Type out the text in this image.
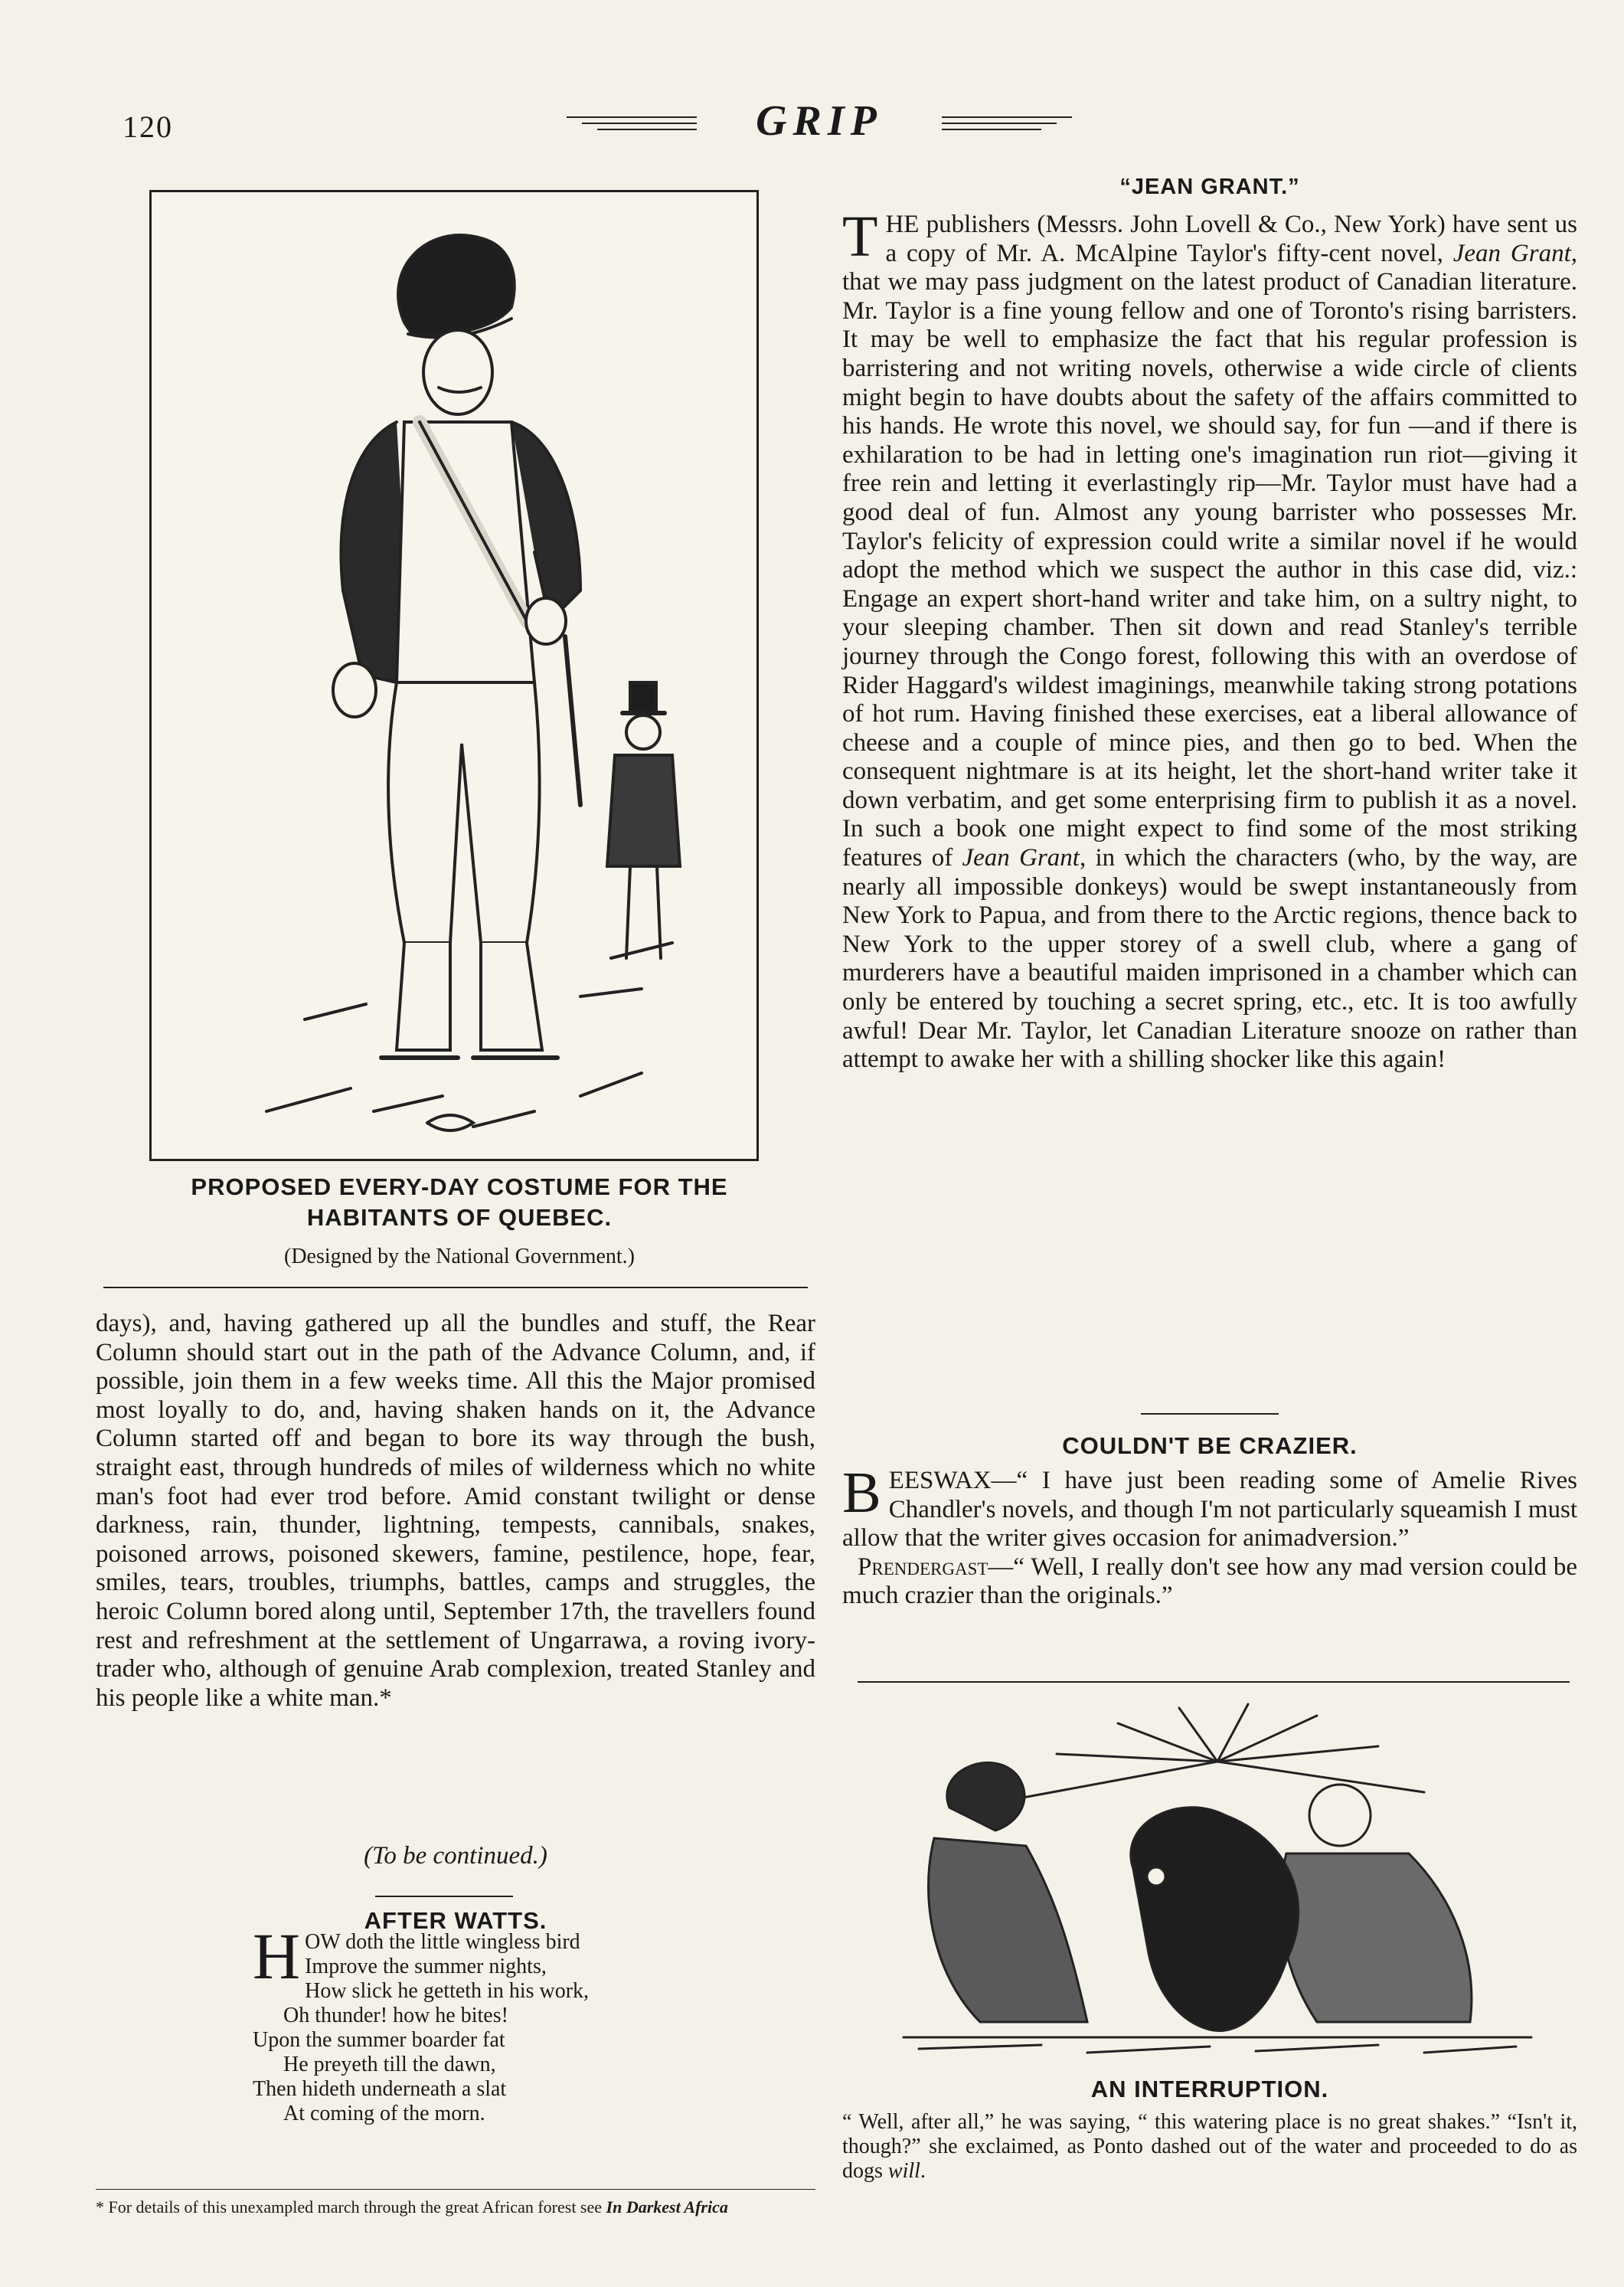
120	GRIP
PROPOSED EVERY-DAY COSTUME FOR THE
HABITANTS OF QUEBEC.
(Designed by the National Government.)

days), and, having gathered up all the bundles and stuff, the Rear Column should start out in the path of the Advance Column, and, if possible, join them in a few weeks time. All this the Major promised most loyally to do, and, having shaken hands on it, the Advance Column started off and began to bore its way through the bush, straight east, through hundreds of miles of wilderness which no white man's foot had ever trod before. Amid constant twilight or dense darkness, rain, thunder, lightning, tempests, cannibals, snakes, poisoned arrows, poisoned skewers, famine, pestilence, hope, fear, smiles, tears, troubles, triumphs, battles, camps and struggles, the heroic Column bored along until, September 17th, the travellers found rest and refreshment at the settlement of Ungarrawa, a roving ivory-trader who, although of genuine Arab complexion, treated Stanley and his people like a white man.*

(To be continued.)
AFTER WATTS.
H OW doth the little wingless bird
Improve the summer nights,
How slick he getteth in his work,
Oh thunder! how he bites!
Upon the summer boarder fat
He preyeth till the dawn,
Then hideth underneath a slat
At coming of the morn.
* For details of this unexampled march through the great African forest see In Darkest Africa
“JEAN GRANT.”

THE publishers (Messrs. John Lovell & Co., New York) have sent us a copy of Mr. A. McAlpine Taylor's fifty-cent novel, Jean Grant, that we may pass judgment on the latest product of Canadian literature. Mr. Taylor is a fine young fellow and one of Toronto's rising barristers. It may be well to emphasize the fact that his regular profession is barristering and not writing novels, otherwise a wide circle of clients might begin to have doubts about the safety of the affairs committed to his hands. He wrote this novel, we should say, for fun —and if there is exhilaration to be had in letting one's imagination run riot—giving it free rein and letting it everlastingly rip—Mr. Taylor must have had a good deal of fun. Almost any young barrister who possesses Mr. Taylor's felicity of expression could write a similar novel if he would adopt the method which we suspect the author in this case did, viz.: Engage an expert short-hand writer and take him, on a sultry night, to your sleeping chamber. Then sit down and read Stanley's terrible journey through the Congo forest, following this with an overdose of Rider Haggard's wildest imaginings, meanwhile taking strong potations of hot rum. Having finished these exercises, eat a liberal allowance of cheese and a couple of mince pies, and then go to bed. When the consequent nightmare is at its height, let the short-hand writer take it down verbatim, and get some enterprising firm to publish it as a novel. In such a book one might expect to find some of the most striking features of Jean Grant, in which the characters (who, by the way, are nearly all impossible donkeys) would be swept instantaneously from New York to Papua, and from there to the Arctic regions, thence back to New York to the upper storey of a swell club, where a gang of murderers have a beautiful maiden imprisoned in a chamber which can only be entered by touching a secret spring, etc., etc. It is too awfully awful! Dear Mr. Taylor, let Canadian Literature snooze on rather than attempt to awake her with a shilling shocker like this again!

COULDN'T BE CRAZIER.

BEESWAX—“ I have just been reading some of Amelie Rives Chandler's novels, and though I'm not particularly squeamish I must allow that the writer gives occasion for animadversion.”

Prendergast—“ Well, I really don't see how any mad version could be much crazier than the originals.”

AN INTERRUPTION.
“ Well, after all,” he was saying, “ this watering place is no great shakes.” “Isn't it, though?” she exclaimed, as Ponto dashed out of the water and proceeded to do as dogs will.
